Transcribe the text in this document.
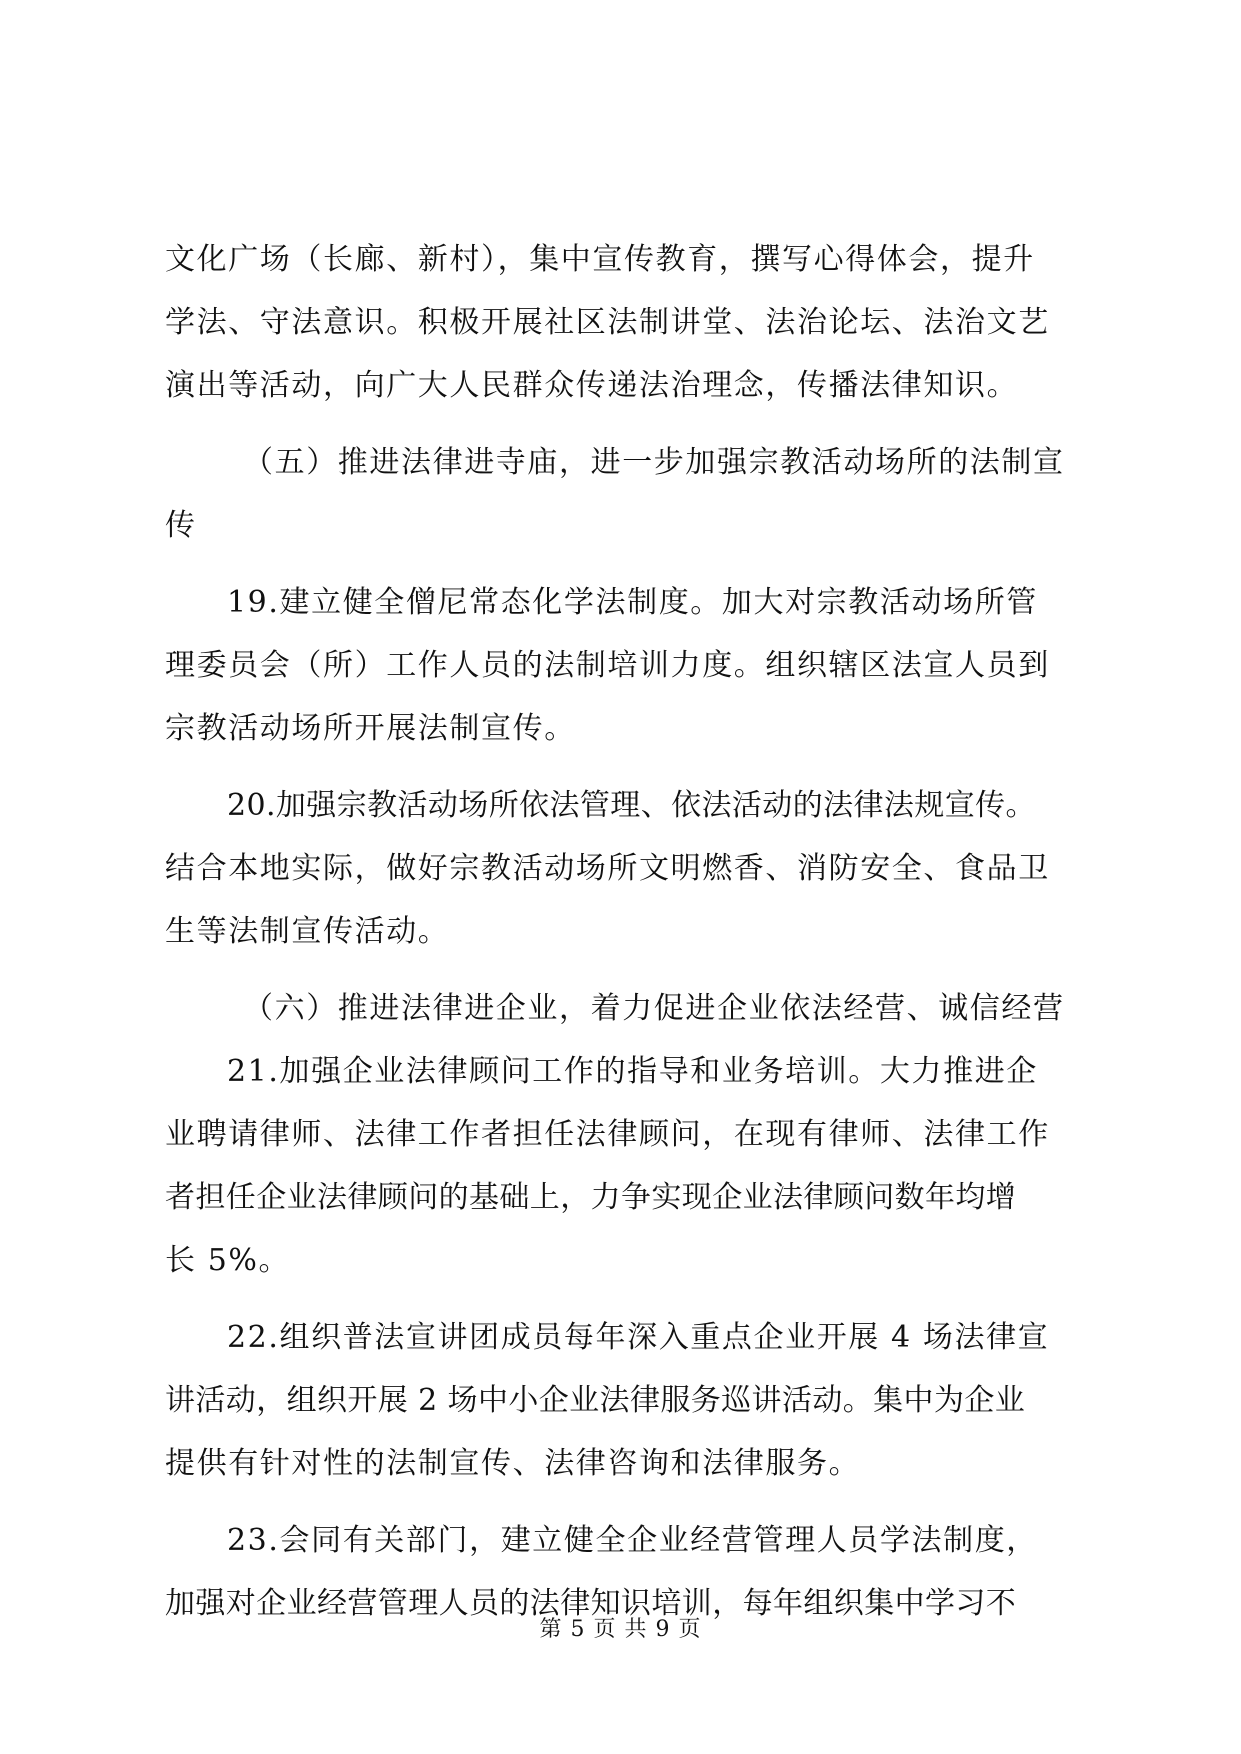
文化广场（长廊、新村），集中宣传教育，撰写心得体会，提升
学法、守法意识。积极开展社区法制讲堂、法治论坛、法治文艺
演出等活动，向广大人民群众传递法治理念，传播法律知识。
（五）推进法律进寺庙，进一步加强宗教活动场所的法制宣
传
19.建立健全僧尼常态化学法制度。加大对宗教活动场所管
理委员会（所）工作人员的法制培训力度。组织辖区法宣人员到
宗教活动场所开展法制宣传。
20.加强宗教活动场所依法管理、依法活动的法律法规宣传。
结合本地实际，做好宗教活动场所文明燃香、消防安全、食品卫
生等法制宣传活动。
（六）推进法律进企业，着力促进企业依法经营、诚信经营
21.加强企业法律顾问工作的指导和业务培训。大力推进企
业聘请律师、法律工作者担任法律顾问，在现有律师、法律工作
者担任企业法律顾问的基础上，力争实现企业法律顾问数年均增
长 5%。
22.组织普法宣讲团成员每年深入重点企业开展 4 场法律宣
讲活动，组织开展 2 场中小企业法律服务巡讲活动。集中为企业
提供有针对性的法制宣传、法律咨询和法律服务。
23.会同有关部门，建立健全企业经营管理人员学法制度，
加强对企业经营管理人员的法律知识培训，每年组织集中学习不
第 5 页 共 9 页
